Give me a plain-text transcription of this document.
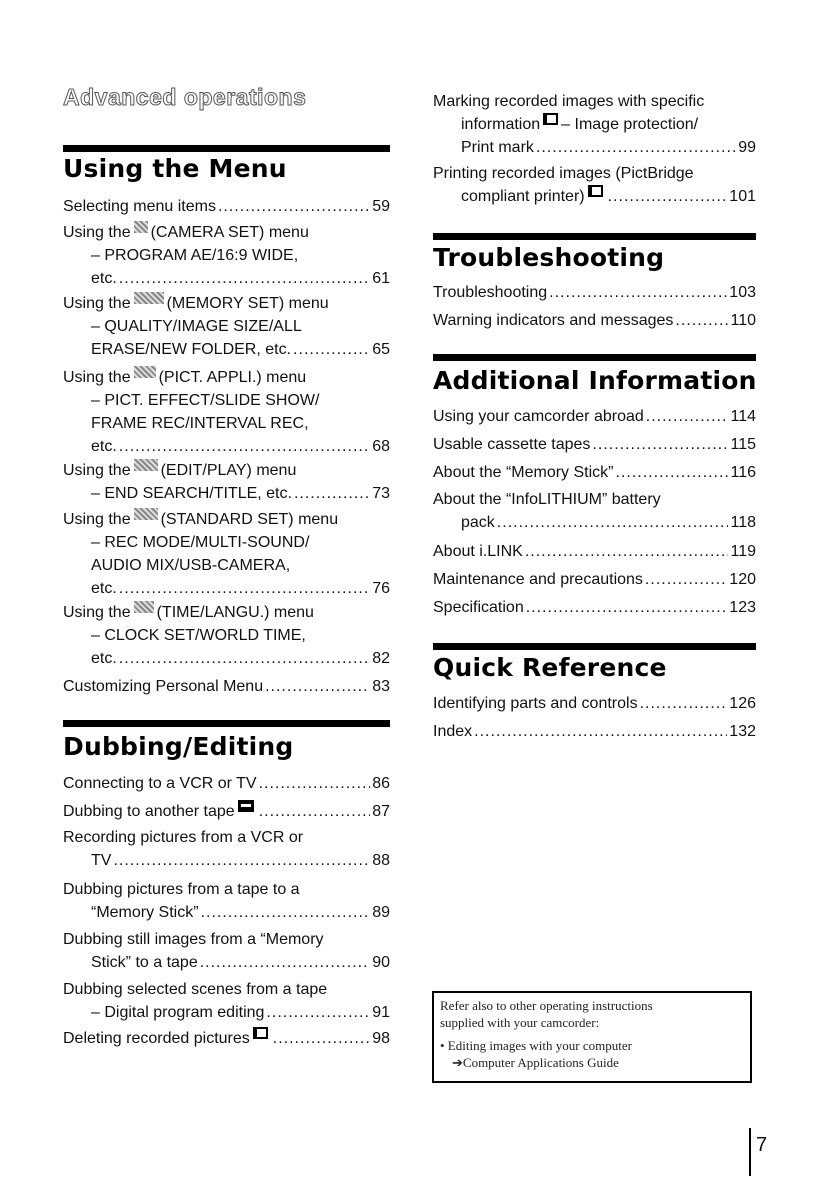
Advanced operations
Using the Menu
Selecting menu items .....	59
Using the (CAMERA SET) menu
– PROGRAM AE/16:9 WIDE,
etc. .....	61
Using the (MEMORY SET) menu
– QUALITY/IMAGE SIZE/ALL
ERASE/NEW FOLDER, etc. .....	65
Using the (PICT. APPLI.) menu
– PICT. EFFECT/SLIDE SHOW/
FRAME REC/INTERVAL REC,
etc. .....	68
Using the (EDIT/PLAY) menu
– END SEARCH/TITLE, etc. .....	73
Using the (STANDARD SET) menu
– REC MODE/MULTI-SOUND/
AUDIO MIX/USB-CAMERA,
etc. .....	76
Using the (TIME/LANGU.) menu
– CLOCK SET/WORLD TIME,
etc. .....	82
Customizing Personal Menu .....	83
Dubbing/Editing
Connecting to a VCR or TV .....	86
Dubbing to another tape .....	87
Recording pictures from a VCR or
TV .....	88
Dubbing pictures from a tape to a
“Memory Stick” .....	89
Dubbing still images from a “Memory
Stick” to a tape .....	90
Dubbing selected scenes from a tape
– Digital program editing .....	91
Deleting recorded pictures .....	98
Marking recorded images with specific
information – Image protection/
Print mark .....	99
Printing recorded images (PictBridge
compliant printer) .....	101
Troubleshooting
Troubleshooting .....	103
Warning indicators and messages .....	110
Additional Information
Using your camcorder abroad .....	114
Usable cassette tapes .....	115
About the “Memory Stick” .....	116
About the “InfoLITHIUM” battery
pack .....	118
About i.LINK .....	119
Maintenance and precautions .....	120
Specification .....	123
Quick Reference
Identifying parts and controls .....	126
Index .....	132
Refer also to other operating instructions
supplied with your camcorder:
• Editing images with your computer
➔Computer Applications Guide
7
